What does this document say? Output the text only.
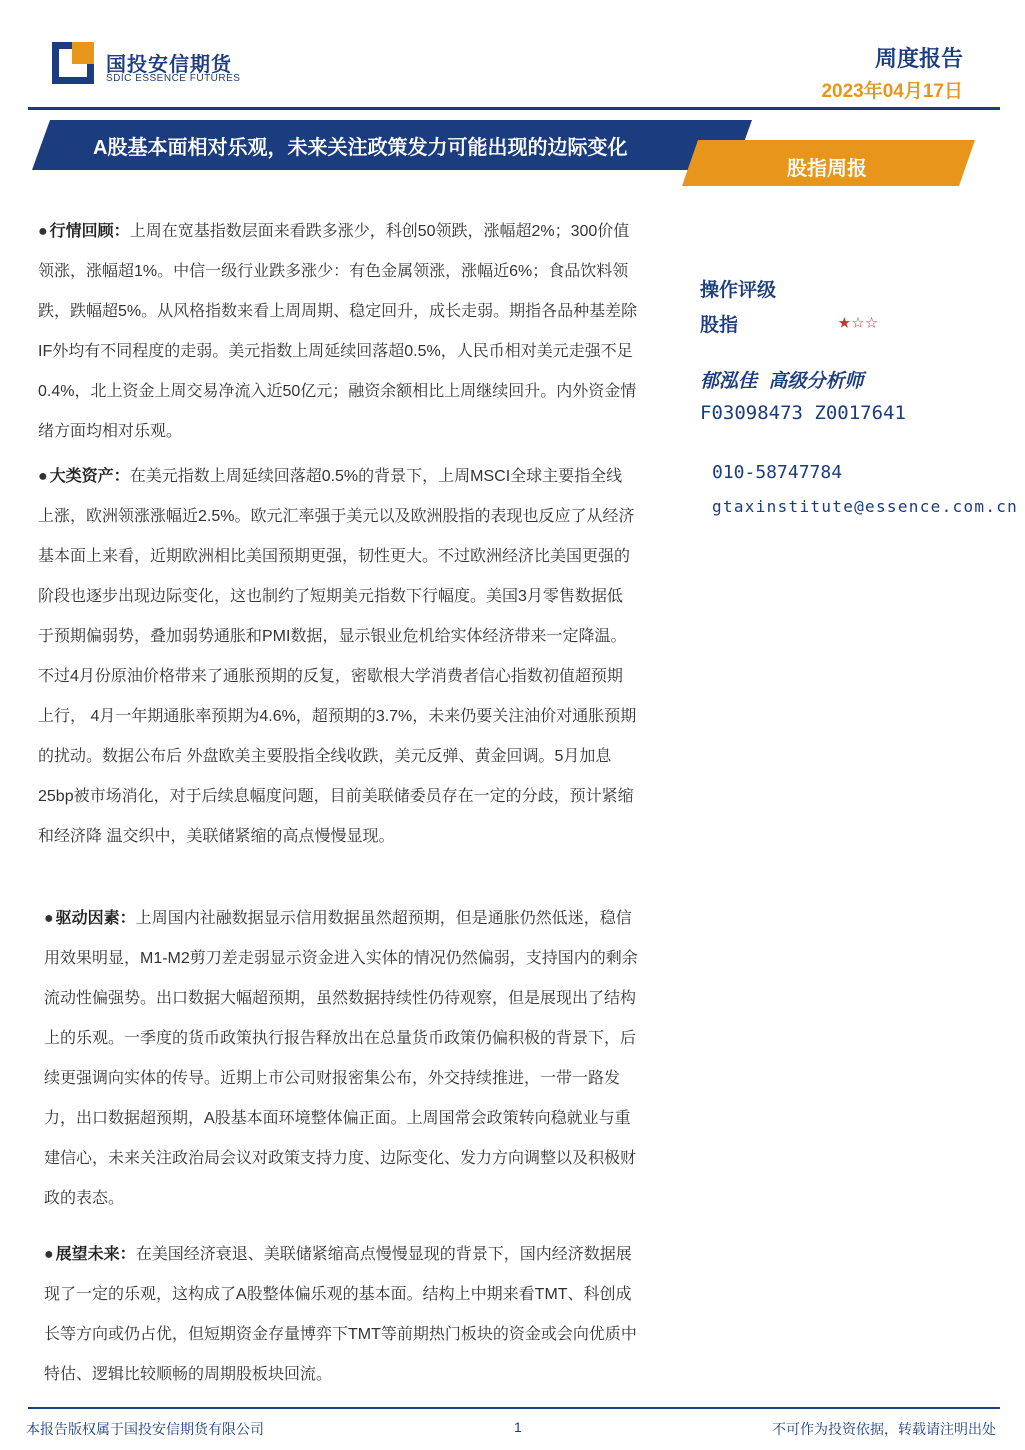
国投安信期货
SDIC ESSENCE FUTURES
周度报告
2023年04月17日
A股基本面相对乐观，未来关注政策发力可能出现的边际变化
股指周报
● 行情回顾：上周在宽基指数层面来看跌多涨少，科创50领跌，涨幅超2%；300价值领涨，涨幅超1%。中信一级行业跌多涨少：有色金属领涨，涨幅近6%；食品饮料领跌，跌幅超5%。从风格指数来看上周周期、稳定回升，成长走弱。期指各品种基差除IF外均有不同程度的走弱。美元指数上周延续回落超0.5%，人民币相对美元走强不足0.4%，北上资金上周交易净流入近50亿元；融资余额相比上周继续回升。内外资金情绪方面均相对乐观。
● 大类资产：在美元指数上周延续回落超0.5%的背景下，上周MSCI全球主要指全线上涨，欧洲领涨涨幅近2.5%。欧元汇率强于美元以及欧洲股指的表现也反应了从经济基本面上来看，近期欧洲相比美国预期更强，韧性更大。不过欧洲经济比美国更强的阶段也逐步出现边际变化，这也制约了短期美元指数下行幅度。美国3月零售数据低于预期偏弱势，叠加弱势通胀和PMI数据，显示银业危机给实体经济带来一定降温。不过4月份原油价格带来了通胀预期的反复，密歇根大学消费者信心指数初值超预期上行， 4月一年期通胀率预期为4.6%，超预期的3.7%，未来仍要关注油价对通胀预期的扰动。数据公布后 外盘欧美主要股指全线收跌，美元反弹、黄金回调。5月加息25bp被市场消化，对于后续息幅度问题，目前美联储委员存在一定的分歧，预计紧缩和经济降 温交织中，美联储紧缩的高点慢慢显现。
● 驱动因素：上周国内社融数据显示信用数据虽然超预期，但是通胀仍然低迷，稳信用效果明显，M1-M2剪刀差走弱显示资金进入实体的情况仍然偏弱，支持国内的剩余流动性偏强势。出口数据大幅超预期，虽然数据持续性仍待观察，但是展现出了结构上的乐观。一季度的货币政策执行报告释放出在总量货币政策仍偏积极的背景下，后续更强调向实体的传导。近期上市公司财报密集公布，外交持续推进，一带一路发力，出口数据超预期，A股基本面环境整体偏正面。上周国常会政策转向稳就业与重建信心，未来关注政治局会议对政策支持力度、边际变化、发力方向调整以及积极财政的表态。
● 展望未来：在美国经济衰退、美联储紧缩高点慢慢显现的背景下，国内经济数据展现了一定的乐观，这构成了A股整体偏乐观的基本面。结构上中期来看TMT、科创成长等方向或仍占优，但短期资金存量博弈下TMT等前期热门板块的资金或会向优质中特估、逻辑比较顺畅的周期股板块回流。
操作评级
股指	★☆☆
郁泓佳 高级分析师
F03098473 Z0017641
010-58747784
gtaxinstitute@essence.com.cn
本报告版权属于国投安信期货有限公司	1	不可作为投资依据，转载请注明出处
